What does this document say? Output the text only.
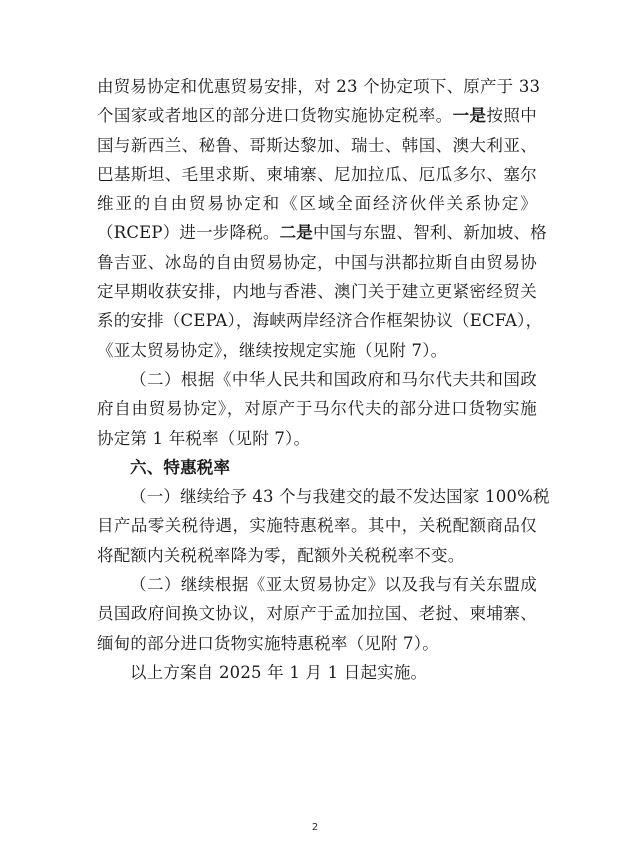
由贸易协定和优惠贸易安排，对 23 个协定项下、原产于 33
个国家或者地区的部分进口货物实施协定税率。一是按照中
国与新西兰、秘鲁、哥斯达黎加、瑞士、韩国、澳大利亚、
巴基斯坦、毛里求斯、柬埔寨、尼加拉瓜、厄瓜多尔、塞尔
维亚的自由贸易协定和《区域全面经济伙伴关系协定》
（RCEP）进一步降税。二是中国与东盟、智利、新加坡、格
鲁吉亚、冰岛的自由贸易协定，中国与洪都拉斯自由贸易协
定早期收获安排，内地与香港、澳门关于建立更紧密经贸关
系的安排（CEPA），海峡两岸经济合作框架协议（ECFA），
《亚太贸易协定》，继续按规定实施（见附 7）。
（二）根据《中华人民共和国政府和马尔代夫共和国政
府自由贸易协定》，对原产于马尔代夫的部分进口货物实施
协定第 1 年税率（见附 7）。
六、特惠税率
（一）继续给予 43 个与我建交的最不发达国家 100%税
目产品零关税待遇，实施特惠税率。其中，关税配额商品仅
将配额内关税税率降为零，配额外关税税率不变。
（二）继续根据《亚太贸易协定》以及我与有关东盟成
员国政府间换文协议，对原产于孟加拉国、老挝、柬埔寨、
缅甸的部分进口货物实施特惠税率（见附 7）。
以上方案自 2025 年 1 月 1 日起实施。
2
